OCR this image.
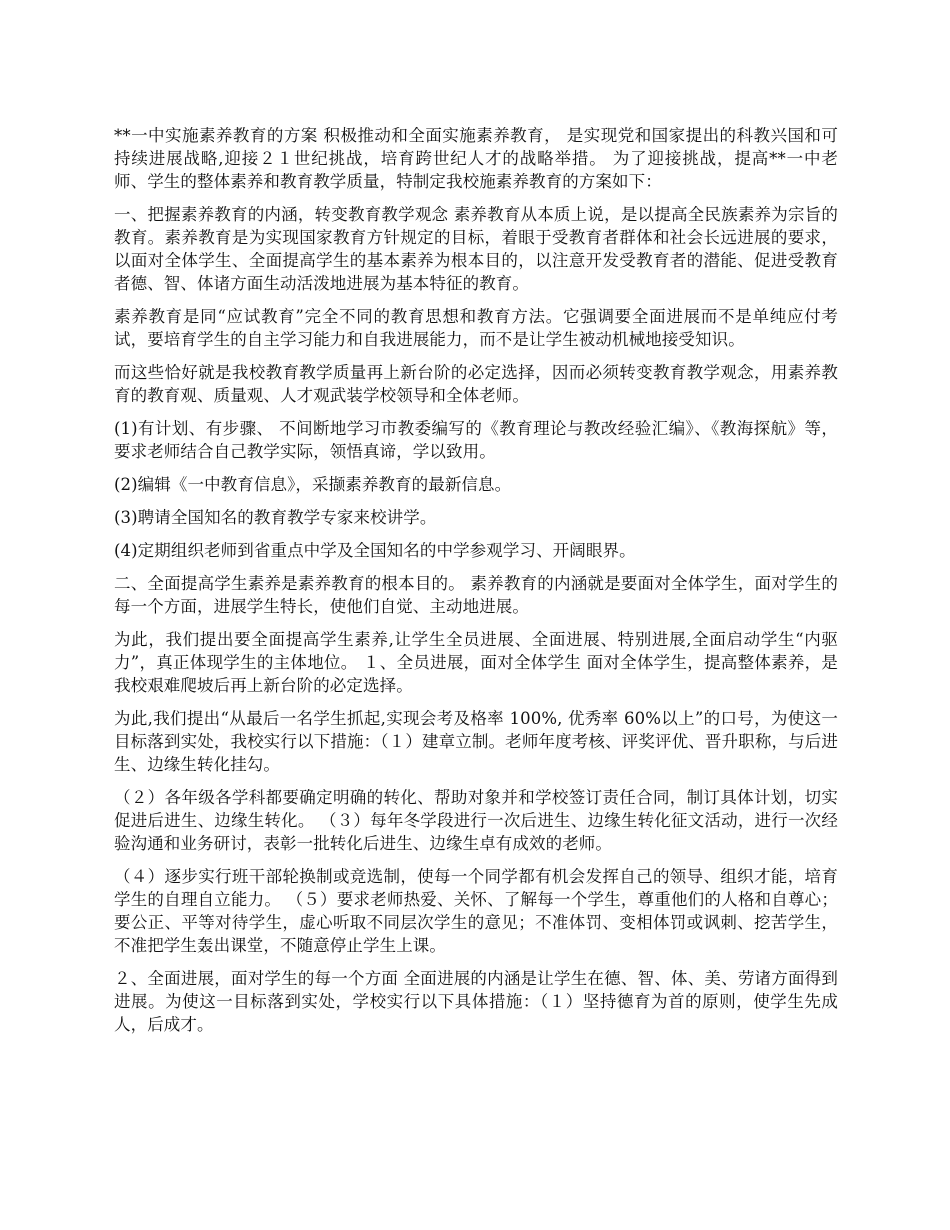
**一中实施素养教育的方案 积极推动和全面实施素养教育， 是实现党和国家提出的科教兴国和可持续进展战略,迎接２１世纪挑战，培育跨世纪人才的战略举措。 为了迎接挑战，提高**一中老师、学生的整体素养和教育教学质量，特制定我校施素养教育的方案如下：

一、把握素养教育的内涵，转变教育教学观念 素养教育从本质上说，是以提高全民族素养为宗旨的教育。素养教育是为实现国家教育方针规定的目标，着眼于受教育者群体和社会长远进展的要求，以面对全体学生、全面提高学生的基本素养为根本目的，以注意开发受教育者的潜能、促进受教育者德、智、体诸方面生动活泼地进展为基本特征的教育。

素养教育是同“应试教育”完全不同的教育思想和教育方法。它强调要全面进展而不是单纯应付考试，要培育学生的自主学习能力和自我进展能力，而不是让学生被动机械地接受知识。

而这些恰好就是我校教育教学质量再上新台阶的必定选择，因而必须转变教育教学观念，用素养教育的教育观、质量观、人才观武装学校领导和全体老师。

(1)有计划、有步骤、 不间断地学习市教委编写的《教育理论与教改经验汇编》、《教海探航》等，要求老师结合自己教学实际，领悟真谛，学以致用。

(2)编辑《一中教育信息》，采撷素养教育的最新信息。

(3)聘请全国知名的教育教学专家来校讲学。

(4)定期组织老师到省重点中学及全国知名的中学参观学习、开阔眼界。

二、全面提高学生素养是素养教育的根本目的。 素养教育的内涵就是要面对全体学生，面对学生的每一个方面，进展学生特长，使他们自觉、主动地进展。

为此，我们提出要全面提高学生素养,让学生全员进展、全面进展、特别进展,全面启动学生“内驱力”，真正体现学生的主体地位。 １、全员进展，面对全体学生 面对全体学生，提高整体素养，是我校艰难爬坡后再上新台阶的必定选择。

为此,我们提出“从最后一名学生抓起,实现会考及格率 100%, 优秀率 60%以上”的口号，为使这一目标落到实处，我校实行以下措施：（１）建章立制。老师年度考核、评奖评优、晋升职称，与后进生、边缘生转化挂勾。

（２）各年级各学科都要确定明确的转化、帮助对象并和学校签订责任合同，制订具体计划，切实促进后进生、边缘生转化。 （３）每年冬学段进行一次后进生、边缘生转化征文活动，进行一次经验沟通和业务研讨，表彰一批转化后进生、边缘生卓有成效的老师。

（４）逐步实行班干部轮换制或竞选制，使每一个同学都有机会发挥自己的领导、组织才能，培育学生的自理自立能力。 （５）要求老师热爱、关怀、了解每一个学生，尊重他们的人格和自尊心；要公正、平等对待学生，虚心听取不同层次学生的意见；不准体罚、变相体罚或讽刺、挖苦学生，不准把学生轰出课堂，不随意停止学生上课。

２、全面进展，面对学生的每一个方面 全面进展的内涵是让学生在德、智、体、美、劳诸方面得到进展。为使这一目标落到实处，学校实行以下具体措施：（１）坚持德育为首的原则，使学生先成人，后成才。
